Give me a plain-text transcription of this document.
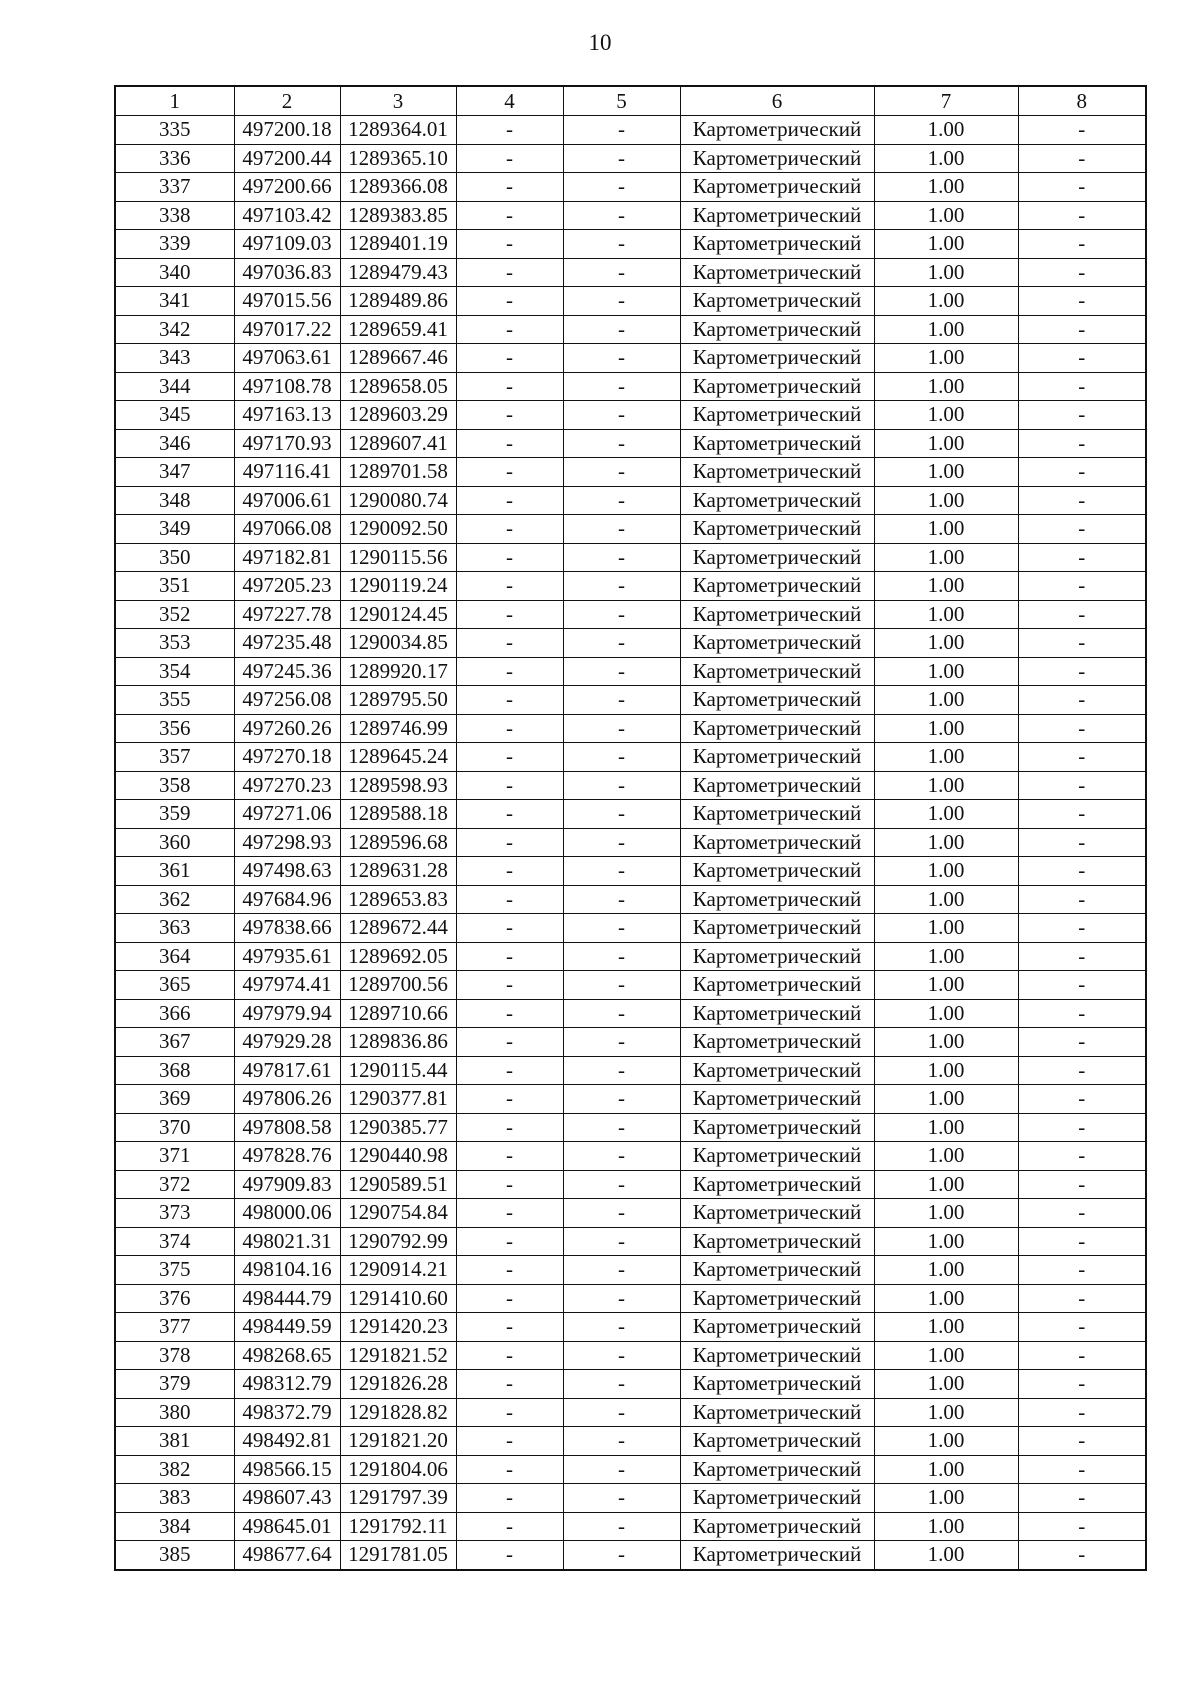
10
1	2	3	4	5	6	7	8
335	497200.18	1289364.01	-	-	Картометрический	1.00	-
336	497200.44	1289365.10	-	-	Картометрический	1.00	-
337	497200.66	1289366.08	-	-	Картометрический	1.00	-
338	497103.42	1289383.85	-	-	Картометрический	1.00	-
339	497109.03	1289401.19	-	-	Картометрический	1.00	-
340	497036.83	1289479.43	-	-	Картометрический	1.00	-
341	497015.56	1289489.86	-	-	Картометрический	1.00	-
342	497017.22	1289659.41	-	-	Картометрический	1.00	-
343	497063.61	1289667.46	-	-	Картометрический	1.00	-
344	497108.78	1289658.05	-	-	Картометрический	1.00	-
345	497163.13	1289603.29	-	-	Картометрический	1.00	-
346	497170.93	1289607.41	-	-	Картометрический	1.00	-
347	497116.41	1289701.58	-	-	Картометрический	1.00	-
348	497006.61	1290080.74	-	-	Картометрический	1.00	-
349	497066.08	1290092.50	-	-	Картометрический	1.00	-
350	497182.81	1290115.56	-	-	Картометрический	1.00	-
351	497205.23	1290119.24	-	-	Картометрический	1.00	-
352	497227.78	1290124.45	-	-	Картометрический	1.00	-
353	497235.48	1290034.85	-	-	Картометрический	1.00	-
354	497245.36	1289920.17	-	-	Картометрический	1.00	-
355	497256.08	1289795.50	-	-	Картометрический	1.00	-
356	497260.26	1289746.99	-	-	Картометрический	1.00	-
357	497270.18	1289645.24	-	-	Картометрический	1.00	-
358	497270.23	1289598.93	-	-	Картометрический	1.00	-
359	497271.06	1289588.18	-	-	Картометрический	1.00	-
360	497298.93	1289596.68	-	-	Картометрический	1.00	-
361	497498.63	1289631.28	-	-	Картометрический	1.00	-
362	497684.96	1289653.83	-	-	Картометрический	1.00	-
363	497838.66	1289672.44	-	-	Картометрический	1.00	-
364	497935.61	1289692.05	-	-	Картометрический	1.00	-
365	497974.41	1289700.56	-	-	Картометрический	1.00	-
366	497979.94	1289710.66	-	-	Картометрический	1.00	-
367	497929.28	1289836.86	-	-	Картометрический	1.00	-
368	497817.61	1290115.44	-	-	Картометрический	1.00	-
369	497806.26	1290377.81	-	-	Картометрический	1.00	-
370	497808.58	1290385.77	-	-	Картометрический	1.00	-
371	497828.76	1290440.98	-	-	Картометрический	1.00	-
372	497909.83	1290589.51	-	-	Картометрический	1.00	-
373	498000.06	1290754.84	-	-	Картометрический	1.00	-
374	498021.31	1290792.99	-	-	Картометрический	1.00	-
375	498104.16	1290914.21	-	-	Картометрический	1.00	-
376	498444.79	1291410.60	-	-	Картометрический	1.00	-
377	498449.59	1291420.23	-	-	Картометрический	1.00	-
378	498268.65	1291821.52	-	-	Картометрический	1.00	-
379	498312.79	1291826.28	-	-	Картометрический	1.00	-
380	498372.79	1291828.82	-	-	Картометрический	1.00	-
381	498492.81	1291821.20	-	-	Картометрический	1.00	-
382	498566.15	1291804.06	-	-	Картометрический	1.00	-
383	498607.43	1291797.39	-	-	Картометрический	1.00	-
384	498645.01	1291792.11	-	-	Картометрический	1.00	-
385	498677.64	1291781.05	-	-	Картометрический	1.00	-
